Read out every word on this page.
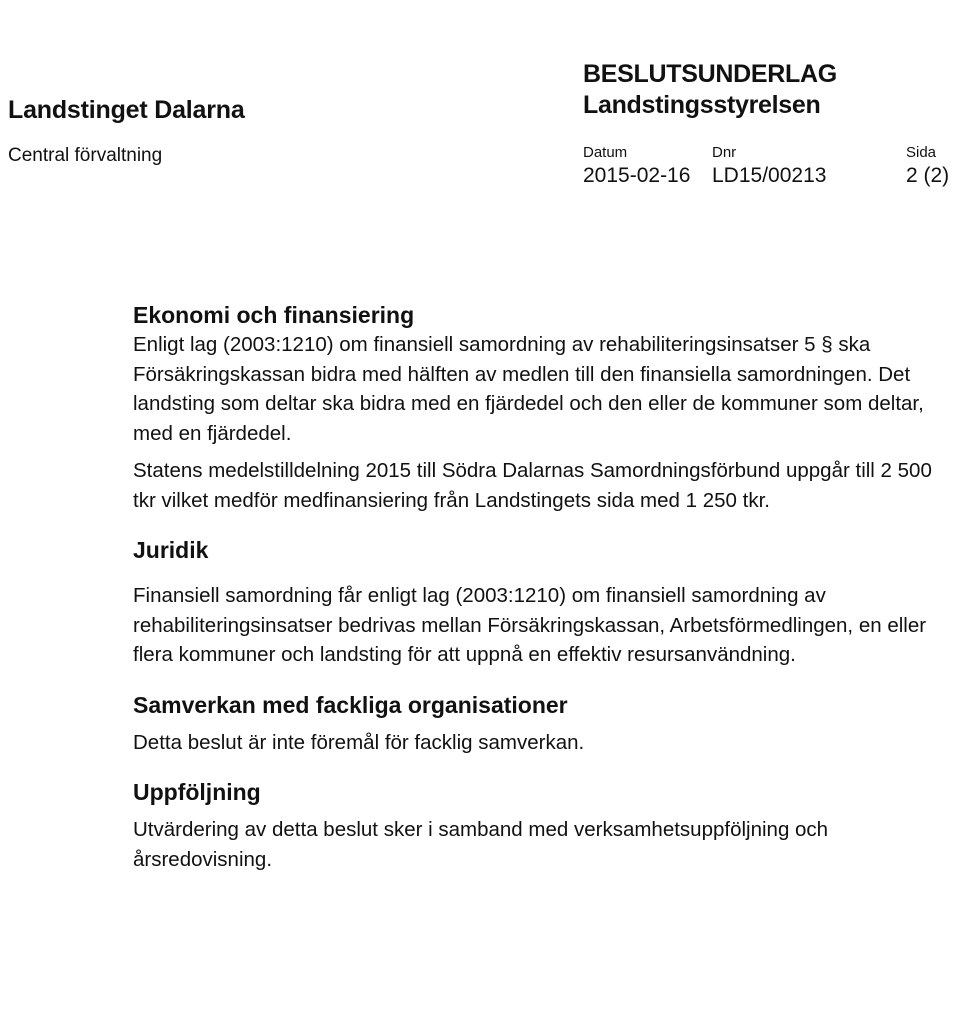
Landstinget Dalarna
Central förvaltning
BESLUTSUNDERLAG
Landstingsstyrelsen
Datum	Dnr	Sida
2015-02-16 LD15/00213	2 (2)
Ekonomi och finansiering

Enligt lag (2003:1210) om finansiell samordning av rehabiliteringsinsatser 5 § ska Försäkringskassan bidra med hälften av medlen till den finansiella samordningen. Det landsting som deltar ska bidra med en fjärdedel och den eller de kommuner som deltar, med en fjärdedel.

Statens medelstilldelning 2015 till Södra Dalarnas Samordningsförbund uppgår till 2 500 tkr vilket medför medfinansiering från Landstingets sida med 1 250 tkr.

Juridik

Finansiell samordning får enligt lag (2003:1210) om finansiell samordning av rehabiliteringsinsatser bedrivas mellan Försäkringskassan, Arbetsförmedlingen, en eller flera kommuner och landsting för att uppnå en effektiv resursanvändning.

Samverkan med fackliga organisationer

Detta beslut är inte föremål för facklig samverkan.

Uppföljning

Utvärdering av detta beslut sker i samband med verksamhetsuppföljning och årsredovisning.
